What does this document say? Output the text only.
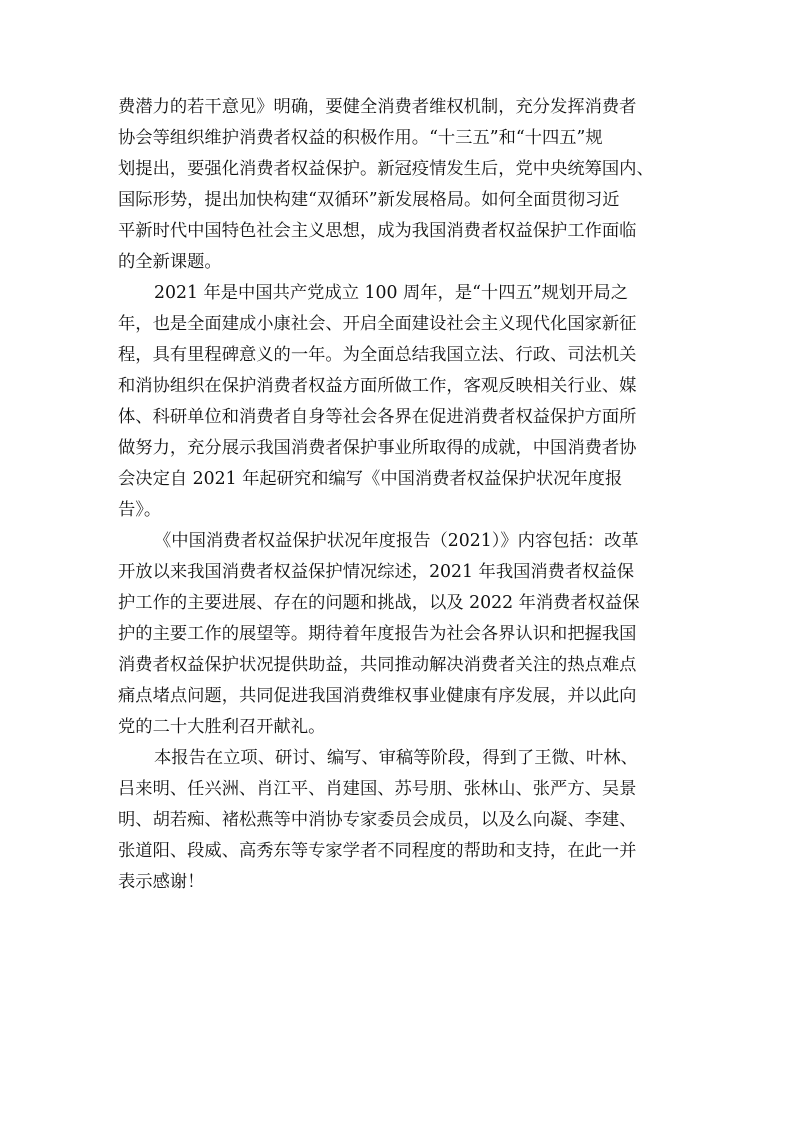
费潜力的若干意见》明确，要健全消费者维权机制，充分发挥消费者
协会等组织维护消费者权益的积极作用。“十三五”和“十四五”规
划提出，要强化消费者权益保护。新冠疫情发生后，党中央统筹国内、
国际形势，提出加快构建“双循环”新发展格局。如何全面贯彻习近
平新时代中国特色社会主义思想，成为我国消费者权益保护工作面临
的全新课题。
2021 年是中国共产党成立 100 周年，是“十四五”规划开局之
年，也是全面建成小康社会、开启全面建设社会主义现代化国家新征
程，具有里程碑意义的一年。为全面总结我国立法、行政、司法机关
和消协组织在保护消费者权益方面所做工作，客观反映相关行业、媒
体、科研单位和消费者自身等社会各界在促进消费者权益保护方面所
做努力，充分展示我国消费者保护事业所取得的成就，中国消费者协
会决定自 2021 年起研究和编写《中国消费者权益保护状况年度报
告》。
《中国消费者权益保护状况年度报告（2021）》内容包括：改革
开放以来我国消费者权益保护情况综述，2021 年我国消费者权益保
护工作的主要进展、存在的问题和挑战，以及 2022 年消费者权益保
护的主要工作的展望等。期待着年度报告为社会各界认识和把握我国
消费者权益保护状况提供助益，共同推动解决消费者关注的热点难点
痛点堵点问题，共同促进我国消费维权事业健康有序发展，并以此向
党的二十大胜利召开献礼。
本报告在立项、研讨、编写、审稿等阶段，得到了王微、叶林、
吕来明、任兴洲、肖江平、肖建国、苏号朋、张林山、张严方、吴景
明、胡若痴、褚松燕等中消协专家委员会成员，以及么向凝、李建、
张道阳、段威、高秀东等专家学者不同程度的帮助和支持，在此一并
表示感谢！
